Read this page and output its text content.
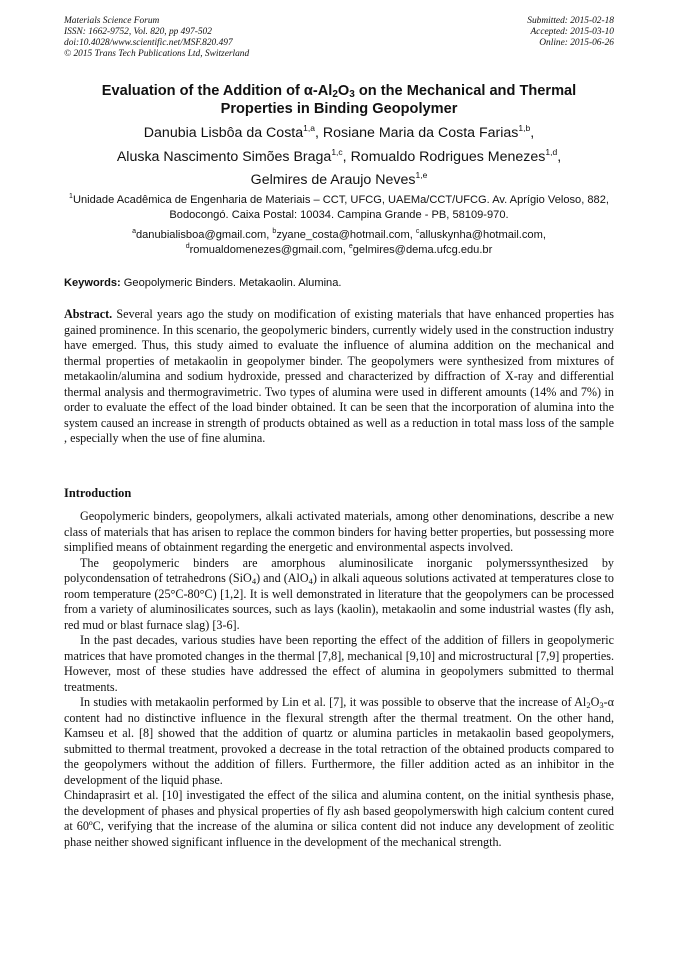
Materials Science Forum
ISSN: 1662-9752, Vol. 820, pp 497-502
doi:10.4028/www.scientific.net/MSF.820.497
© 2015 Trans Tech Publications Ltd, Switzerland
Submitted: 2015-02-18
Accepted: 2015-03-10
Online: 2015-06-26
Evaluation of the Addition of $\alpha-Al_2O_3$ on the Mechanical and Thermal Properties in Binding Geopolymer
Danubia Lisbôa da Costa$^{1,a}$, Rosiane Maria da Costa Farias$^{1,b}$,
Aluska Nascimento Simões Braga$^{1,c}$, Romualdo Rodrigues Menezes$^{1,d}$,
Gelmires de Araujo Neves$^{1,e}$
$^1$Unidade Acadêmica de Engenharia de Materiais – CCT, UFCG, UAEMa/CCT/UFCG. Av. Aprígio Veloso, 882, Bodocongó. Caixa Postal: 10034. Campina Grande - PB, 58109-970.
$^a$danubialisboa@gmail.com, $^b$zyane_costa@hotmail.com, $^c$alluskynha@hotmail.com,
$^d$romualdomenezes@gmail.com, $^e$gelmires@dema.ufcg.edu.br
Keywords: Geopolymeric Binders. Metakaolin. Alumina.
Abstract. Several years ago the study on modification of existing materials that have enhanced properties has gained prominence. In this scenario, the geopolymeric binders, currently widely used in the construction industry have emerged. Thus, this study aimed to evaluate the influence of alumina addition on the mechanical and thermal properties of metakaolin in geopolymer binder. The geopolymers were synthesized from mixtures of metakaolin/alumina and sodium hydroxide, pressed and characterized by diffraction of X-ray and differential thermal analysis and thermogravimetric. Two types of alumina were used in different amounts (14% and 7%) in order to evaluate the effect of the load binder obtained. It can be seen that the incorporation of alumina into the system caused an increase in strength of products obtained as well as a reduction in total mass loss of the sample , especially when the use of fine alumina.
Introduction

Geopolymeric binders, geopolymers, alkali activated materials, among other denominations, describe a new class of materials that has arisen to replace the common binders for having better properties, but possessing more simplified means of obtainment regarding the energetic and environmental aspects involved.

The geopolymeric binders are amorphous aluminosilicate inorganic polymerssynthesized by polycondensation of tetrahedrons (SiO$_4$) and (AlO$_4$) in alkali aqueous solutions activated at temperatures close to room temperature (25°C-80°C) [1,2]. It is well demonstrated in literature that the geopolymers can be processed from a variety of aluminosilicates sources, such as lays (kaolin), metakaolin and some industrial wastes (fly ash, red mud or blast furnace slag) [3-6].

In the past decades, various studies have been reporting the effect of the addition of fillers in geopolymeric matrices that have promoted changes in the thermal [7,8], mechanical [9,10] and microstructural [7,9] properties. However, most of these studies have addressed the effect of alumina in geopolymers submitted to thermal treatments.

In studies with metakaolin performed by Lin et al. [7], it was possible to observe that the increase of $Al_2O_3-\alpha$ content had no distinctive influence in the flexural strength after the thermal treatment. On the other hand, Kamseu et al. [8] showed that the addition of quartz or alumina particles in metakaolin based geopolymers, submitted to thermal treatment, provoked a decrease in the total retraction of the obtained products compared to the geopolymers without the addition of fillers. Furthermore, the filler addition acted as an inhibitor in the development of the liquid phase.

Chindaprasirt et al. [10] investigated the effect of the silica and alumina content, on the initial synthesis phase, the development of phases and physical properties of fly ash based geopolymerswith high calcium content cured at 60ºC, verifying that the increase of the alumina or silica content did not induce any development of zeolitic phase neither showed significant influence in the development of the mechanical strength.
